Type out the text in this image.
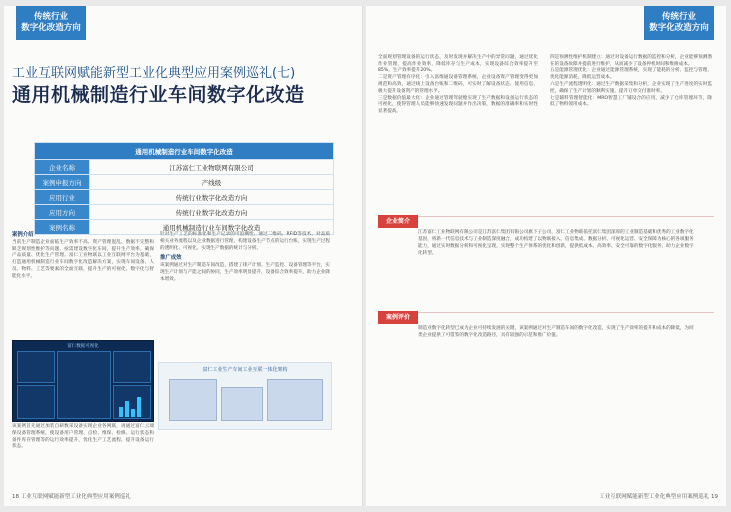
传统行业
数字化改造方向
工业互联网赋能新型工业化典型应用案例巡礼(七)
通用机械制造行业车间数字化改造
通用机械制造行业车间数字化改造	
企业名称	江苏富仁工业物联网有限公司
案例申报方向	产线级
应用行业	传统行业数字化改造方向
应用方向	传统行业数字化改造方向
案例名称	通用机械制造行业车间数字化改造
案例介绍
当前生产制造企业面临生产效率不高、资产管理混乱、数据不完整和缺乏规划性维护等问题，亟需建设数字化车间，提升生产效率、确保产品质量、优化生产管理。富仁工业物联以工业互联网平台为基础，打造通用机械制造行业车间数字化改造解决方案，实现车间设备、人员、物料、工艺等要素的全面互联，提升生产的可视化、数字化与智能化水平。
富仁数据可视化
该案例首先通过加装自研数采设备实现企业各网联，再通过富仁云端保设备管理系统，使设备用户管理、点检、维保、检修、运行状态和备件库存管理等的运行效率提升，优化生产工艺流程、提升设备运行状态。
针对生产工艺的标准化和生产记录的可追溯性，通过二维码、RFID等技术，对品质相关业务流程以及企业数据进行管理，构建设备生产节点的运行台账，实现生产过程的透明化、可视化，实现生产数据的统计与分析。
推广成效
该案例通过对生产制造车间改造，搭建了排产计划、生产监控、设备管理等平台，实现生产计划与产能之间的协同，生产效率明显提升，设备综合效率提升，助力企业降本增效。
富仁工业生产车间工业互联一体化架构
18 工业互联网赋能新型工业化典型应用案例巡礼
传统行业
数字化改造方向

全面规划管理设备的运行状态，及时发现并解决生产中的异常问题，通过优化作业管理，提高作业效率，降低库存与生产成本，实现设备综合效率提升至85%，生产效率提升20%。
二是资产管理有序化：引入富维通设备管理系统，企业设备资产管理变得更加规范和高效，通过线上设备台账和二维码，可实时了解设备状态、使用信息，极大提升设备资产的管理水平。
三是数据价值最大化：企业通过管理驾驶舱实现了生产数据和设备运行状态的可视化，使得管理人员能够快速发现问题并作出决策，数据的准确率和实时性显著提高。

四是预测性维护机制建立：通过对设备运行数据的监控和分析，企业能够预测潜在的设备故障并提前进行维护，从而减少了设备停机时间和维修成本。
五是能源管理优化：企业通过能源管理系统，实现了能耗的分析、监控与管理，优化能源消耗，降低运营成本。
六是生产流程透明化：通过生产数据采集和分析，企业实现了生产进度的实时监控，确保了生产计划的顺利实施，提升订单交付准时率。
七是辅料管理智能化：MRO智慧工厂铺设合的应用，减少了仓库管理环节，降低了物料领用成本。

企业简介
江苏富仁工业物联网有限公司是江苏富仁集团有限公司旗下子公司，富仁工业物联依托富仁集团深厚的工业制造基础和优秀的工业数字化基因，将新一代信息技术与工业制造深度融合，成功构建了以物联接入、信息集成、数据分析、可视化运营、安全保障为核心的各项服务能力，通过实时数据分析和可视化呈现，实现整个生产体系的优化和创新，提供低成本、高效率、安全可靠的数字化服务，助力企业数字化转型。
案例评价
制造业数字化转型已成为企业可持续发展的关键，该案例通过对生产制造车间的数字化改造，实现了生产效率的提升和成本的降低，为同类企业提供了可借鉴的数字化改造路径，具有较强的示范和推广价值。
工业互联网赋能新型工业化典型应用案例巡礼 19
